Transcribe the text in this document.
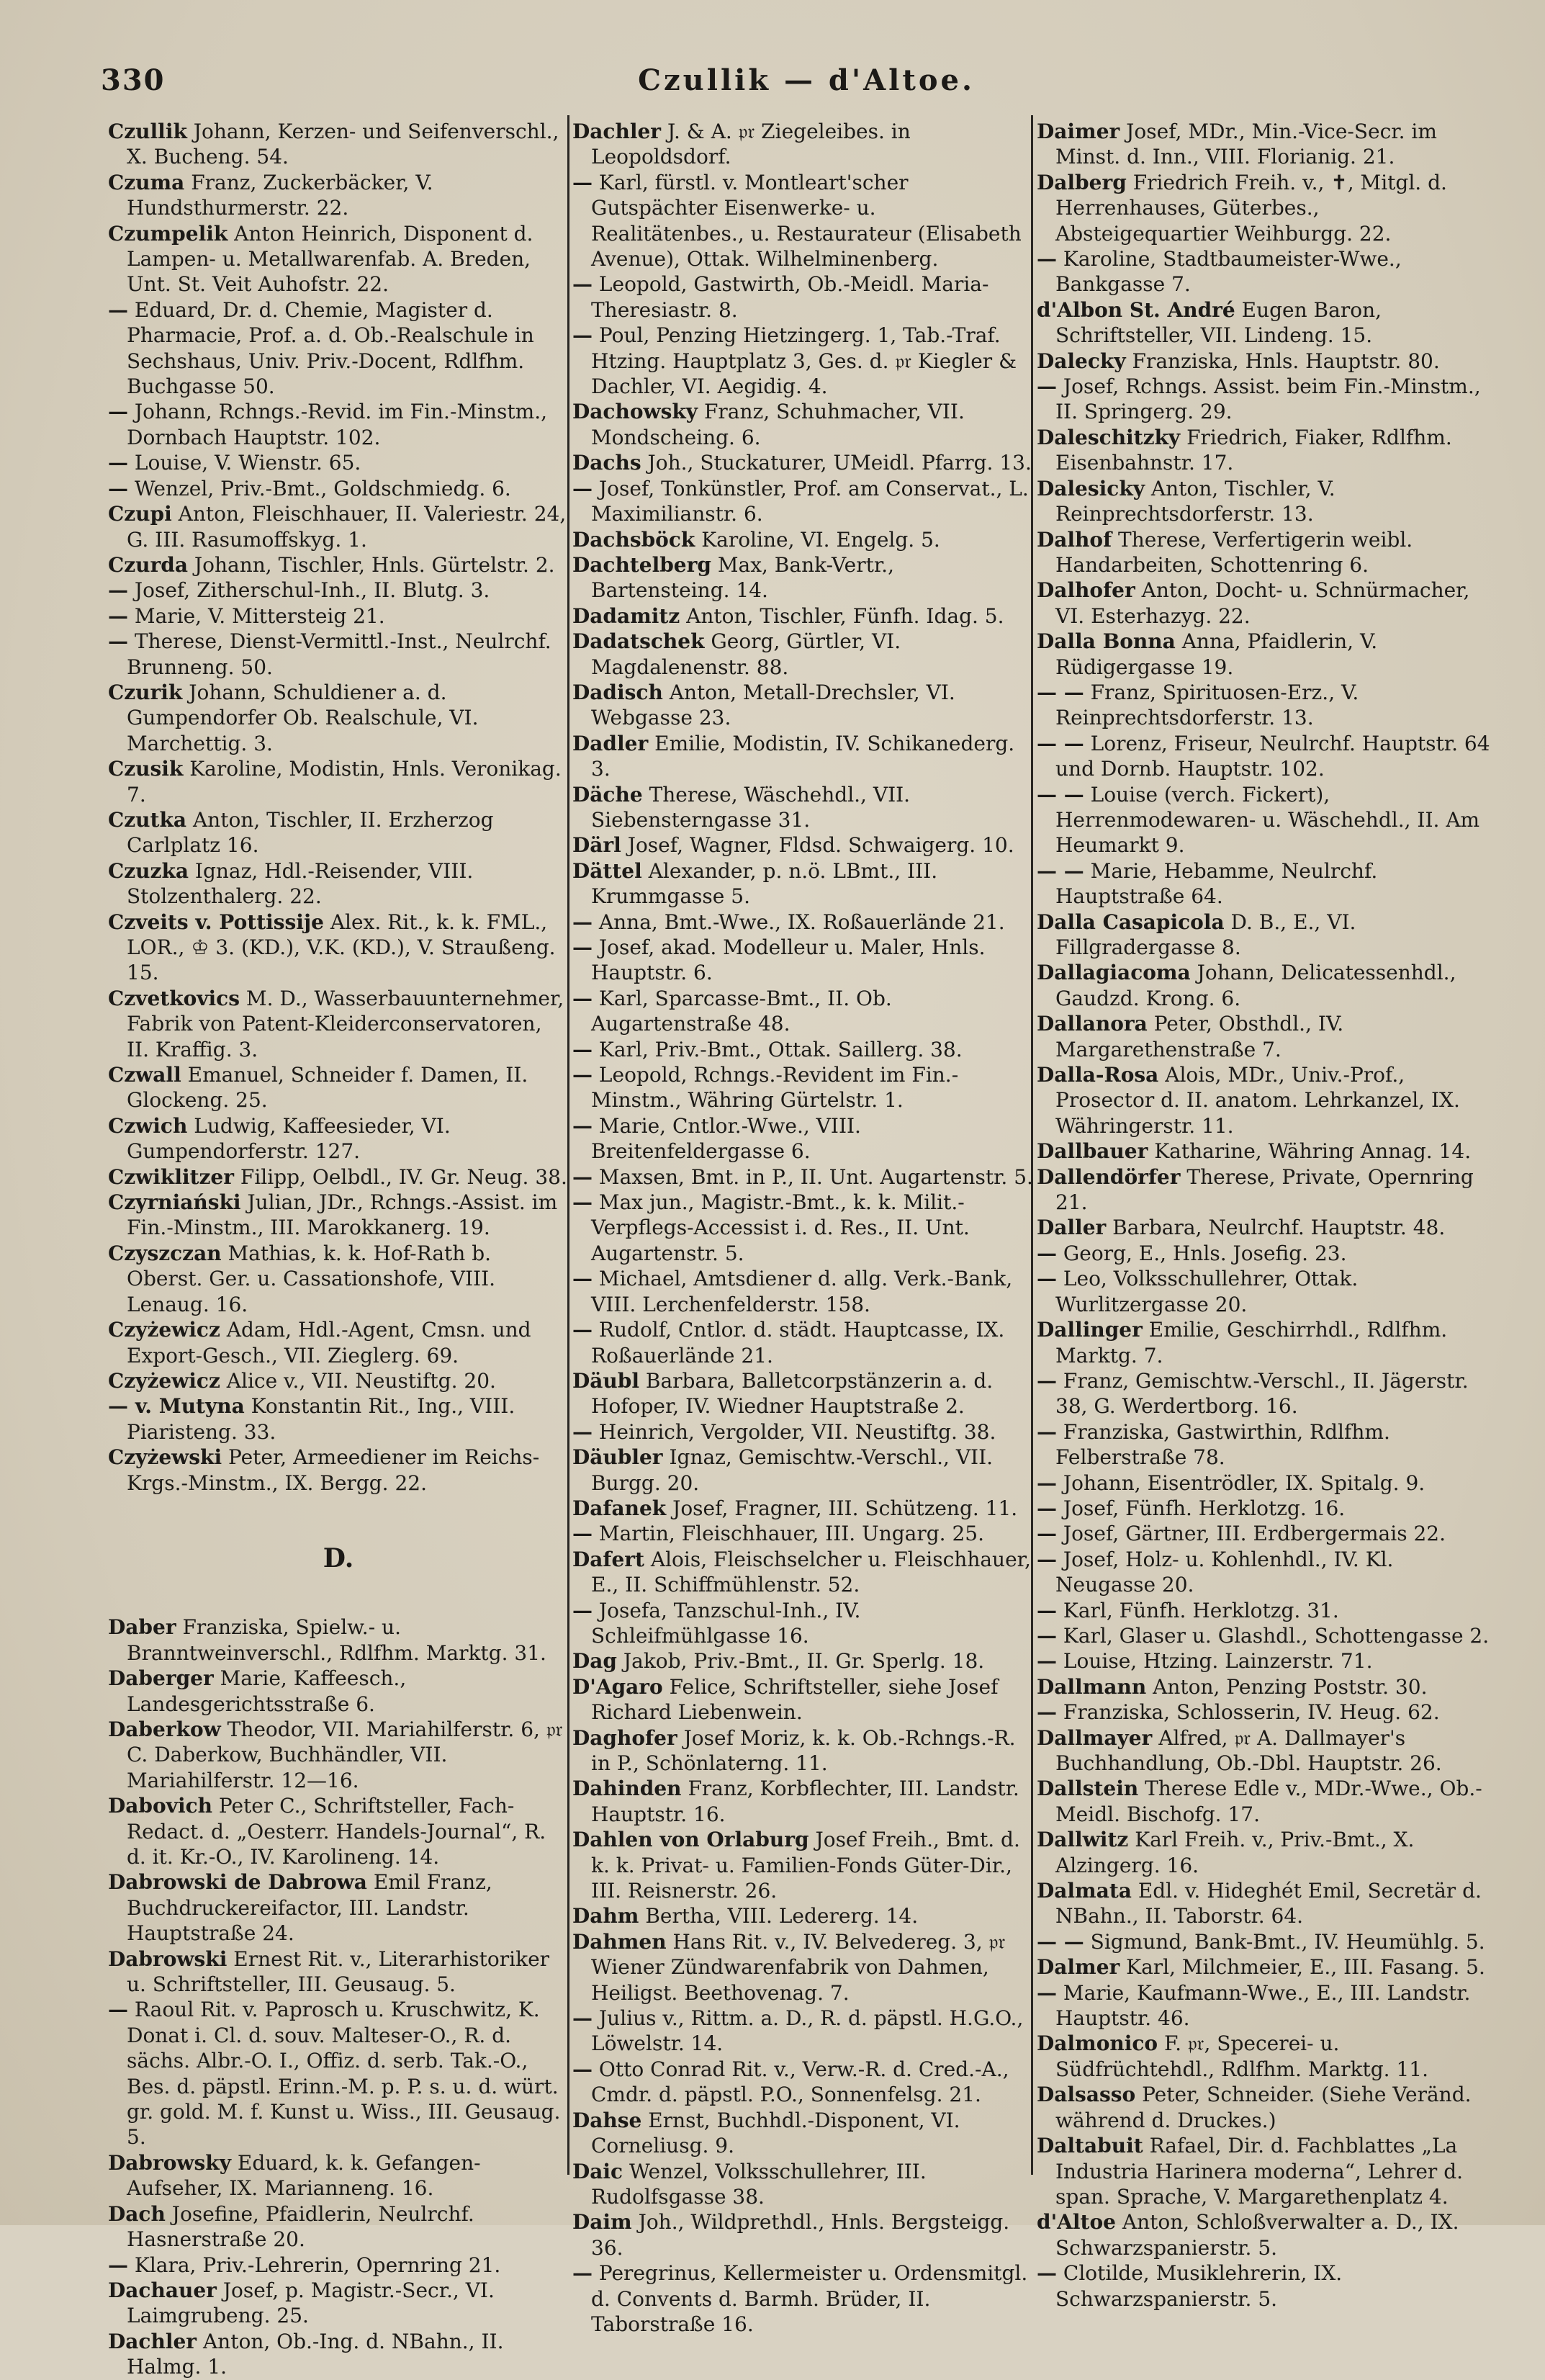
330	Czullik — d'Altoe.

Czullik Johann, Kerzen- und Seifenverschl., X. Bucheng. 54.

Czuma Franz, Zuckerbäcker, V. Hundsthurmerstr. 22.

Czumpelik Anton Heinrich, Disponent d. Lampen- u. Metallwarenfab. A. Breden, Unt. St. Veit Auhofstr. 22.

— Eduard, Dr. d. Chemie, Magister d. Pharmacie, Prof. a. d. Ob.-Realschule in Sechshaus, Univ. Priv.-Docent, Rdlfhm. Buchgasse 50.

— Johann, Rchngs.-Revid. im Fin.-Minstm., Dornbach Hauptstr. 102.

— Louise, V. Wienstr. 65.

— Wenzel, Priv.-Bmt., Goldschmiedg. 6.

Czupi Anton, Fleischhauer, II. Valeriestr. 24, G. III. Rasumoffskyg. 1.

Czurda Johann, Tischler, Hnls. Gürtelstr. 2.

— Josef, Zitherschul-Inh., II. Blutg. 3.

— Marie, V. Mittersteig 21.

— Therese, Dienst-Vermittl.-Inst., Neulrchf. Brunneng. 50.

Czurik Johann, Schuldiener a. d. Gumpendorfer Ob. Realschule, VI. Marchettig. 3.

Czusik Karoline, Modistin, Hnls. Veronikag. 7.

Czutka Anton, Tischler, II. Erzherzog Carlplatz 16.

Czuzka Ignaz, Hdl.-Reisender, VIII. Stolzenthalerg. 22.

Czveits v. Pottissije Alex. Rit., k. k. FML., LOR., ♔ 3. (KD.), V.K. (KD.), V. Straußeng. 15.

Czvetkovics M. D., Wasserbauunternehmer, Fabrik von Patent-Kleiderconservatoren, II. Kraffig. 3.

Czwall Emanuel, Schneider f. Damen, II. Glockeng. 25.

Czwich Ludwig, Kaffeesieder, VI. Gumpendorferstr. 127.

Czwiklitzer Filipp, Oelbdl., IV. Gr. Neug. 38.

Czyrniański Julian, JDr., Rchngs.-Assist. im Fin.-Minstm., III. Marokkanerg. 19.

Czyszczan Mathias, k. k. Hof-Rath b. Oberst. Ger. u. Cassationshofe, VIII. Lenaug. 16.

Czyżewicz Adam, Hdl.-Agent, Cmsn. und Export-Gesch., VII. Zieglerg. 69.

Czyżewicz Alice v., VII. Neustiftg. 20.

— v. Mutyna Konstantin Rit., Ing., VIII. Piaristeng. 33.

Czyżewski Peter, Armeediener im Reichs-Krgs.-Minstm., IX. Bergg. 22.

D.

Daber Franziska, Spielw.- u. Branntweinverschl., Rdlfhm. Marktg. 31.

Daberger Marie, Kaffeesch., Landesgerichtsstraße 6.

Daberkow Theodor, VII. Mariahilferstr. 6, 𝔭𝔯 C. Daberkow, Buchhändler, VII. Mariahilferstr. 12—16.

Dabovich Peter C., Schriftsteller, Fach-Redact. d. „Oesterr. Handels-Journal“, R. d. it. Kr.-O., IV. Karolineng. 14.

Dabrowski de Dabrowa Emil Franz, Buchdruckereifactor, III. Landstr. Hauptstraße 24.

Dabrowski Ernest Rit. v., Literarhistoriker u. Schriftsteller, III. Geusaug. 5.

— Raoul Rit. v. Paprosch u. Kruschwitz, K. Donat i. Cl. d. souv. Malteser-O., R. d. sächs. Albr.-O. I., Offiz. d. serb. Tak.-O., Bes. d. päpstl. Erinn.-M. p. P. s. u. d. würt. gr. gold. M. f. Kunst u. Wiss., III. Geusaug. 5.

Dabrowsky Eduard, k. k. Gefangen-Aufseher, IX. Marianneng. 16.

Dach Josefine, Pfaidlerin, Neulrchf. Hasnerstraße 20.

— Klara, Priv.-Lehrerin, Opernring 21.

Dachauer Josef, p. Magistr.-Secr., VI. Laimgrubeng. 25.

Dachler Anton, Ob.-Ing. d. NBahn., II. Halmg. 1.

Dachler J. & A. 𝔭𝔯 Ziegeleibes. in Leopoldsdorf.

— Karl, fürstl. v. Montleart'scher Gutspächter Eisenwerke- u. Realitätenbes., u. Restaurateur (Elisabeth Avenue), Ottak. Wilhelminenberg.

— Leopold, Gastwirth, Ob.-Meidl. Maria-Theresiastr. 8.

— Poul, Penzing Hietzingerg. 1, Tab.-Traf. Htzing. Hauptplatz 3, Ges. d. 𝔭𝔯 Kiegler & Dachler, VI. Aegidig. 4.

Dachowsky Franz, Schuhmacher, VII. Mondscheing. 6.

Dachs Joh., Stuckaturer, UMeidl. Pfarrg. 13.

— Josef, Tonkünstler, Prof. am Conservat., L. Maximilianstr. 6.

Dachsböck Karoline, VI. Engelg. 5.

Dachtelberg Max, Bank-Vertr., Bartensteing. 14.

Dadamitz Anton, Tischler, Fünfh. Idag. 5.

Dadatschek Georg, Gürtler, VI. Magdalenenstr. 88.

Dadisch Anton, Metall-Drechsler, VI. Webgasse 23.

Dadler Emilie, Modistin, IV. Schikanederg. 3.

Däche Therese, Wäschehdl., VII. Siebensterngasse 31.

Därl Josef, Wagner, Fldsd. Schwaigerg. 10.

Dättel Alexander, p. n.ö. LBmt., III. Krummgasse 5.

— Anna, Bmt.-Wwe., IX. Roßauerlände 21.

— Josef, akad. Modelleur u. Maler, Hnls. Hauptstr. 6.

— Karl, Sparcasse-Bmt., II. Ob. Augartenstraße 48.

— Karl, Priv.-Bmt., Ottak. Saillerg. 38.

— Leopold, Rchngs.-Revident im Fin.-Minstm., Währing Gürtelstr. 1.

— Marie, Cntlor.-Wwe., VIII. Breitenfeldergasse 6.

— Maxsen, Bmt. in P., II. Unt. Augartenstr. 5.

— Max jun., Magistr.-Bmt., k. k. Milit.-Verpflegs-Accessist i. d. Res., II. Unt. Augartenstr. 5.

— Michael, Amtsdiener d. allg. Verk.-Bank, VIII. Lerchenfelderstr. 158.

— Rudolf, Cntlor. d. städt. Hauptcasse, IX. Roßauerlände 21.

Däubl Barbara, Balletcorpstänzerin a. d. Hofoper, IV. Wiedner Hauptstraße 2.

— Heinrich, Vergolder, VII. Neustiftg. 38.

Däubler Ignaz, Gemischtw.-Verschl., VII. Burgg. 20.

Dafanek Josef, Fragner, III. Schützeng. 11.

— Martin, Fleischhauer, III. Ungarg. 25.

Dafert Alois, Fleischselcher u. Fleischhauer, E., II. Schiffmühlenstr. 52.

— Josefa, Tanzschul-Inh., IV. Schleifmühlgasse 16.

Dag Jakob, Priv.-Bmt., II. Gr. Sperlg. 18.

D'Agaro Felice, Schriftsteller, siehe Josef Richard Liebenwein.

Daghofer Josef Moriz, k. k. Ob.-Rchngs.-R. in P., Schönlaterng. 11.

Dahinden Franz, Korbflechter, III. Landstr. Hauptstr. 16.

Dahlen von Orlaburg Josef Freih., Bmt. d. k. k. Privat- u. Familien-Fonds Güter-Dir., III. Reisnerstr. 26.

Dahm Bertha, VIII. Ledererg. 14.

Dahmen Hans Rit. v., IV. Belvedereg. 3, 𝔭𝔯 Wiener Zündwarenfabrik von Dahmen, Heiligst. Beethovenag. 7.

— Julius v., Rittm. a. D., R. d. päpstl. H.G.O., Löwelstr. 14.

— Otto Conrad Rit. v., Verw.-R. d. Cred.-A., Cmdr. d. päpstl. P.O., Sonnenfelsg. 21.

Dahse Ernst, Buchhdl.-Disponent, VI. Corneliusg. 9.

Daic Wenzel, Volksschullehrer, III. Rudolfsgasse 38.

Daim Joh., Wildprethdl., Hnls. Bergsteigg. 36.

— Peregrinus, Kellermeister u. Ordensmitgl. d. Convents d. Barmh. Brüder, II. Taborstraße 16.

Daimer Josef, MDr., Min.-Vice-Secr. im Minst. d. Inn., VIII. Florianig. 21.

Dalberg Friedrich Freih. v., ✝, Mitgl. d. Herrenhauses, Güterbes., Absteigequartier Weihburgg. 22.

— Karoline, Stadtbaumeister-Wwe., Bankgasse 7.

d'Albon St. André Eugen Baron, Schriftsteller, VII. Lindeng. 15.

Dalecky Franziska, Hnls. Hauptstr. 80.

— Josef, Rchngs. Assist. beim Fin.-Minstm., II. Springerg. 29.

Daleschitzky Friedrich, Fiaker, Rdlfhm. Eisenbahnstr. 17.

Dalesicky Anton, Tischler, V. Reinprechtsdorferstr. 13.

Dalhof Therese, Verfertigerin weibl. Handarbeiten, Schottenring 6.

Dalhofer Anton, Docht- u. Schnürmacher, VI. Esterhazyg. 22.

Dalla Bonna Anna, Pfaidlerin, V. Rüdigergasse 19.

— — Franz, Spirituosen-Erz., V. Reinprechtsdorferstr. 13.

— — Lorenz, Friseur, Neulrchf. Hauptstr. 64 und Dornb. Hauptstr. 102.

— — Louise (verch. Fickert), Herrenmodewaren- u. Wäschehdl., II. Am Heumarkt 9.

— — Marie, Hebamme, Neulrchf. Hauptstraße 64.

Dalla Casapicola D. B., E., VI. Fillgradergasse 8.

Dallagiacoma Johann, Delicatessenhdl., Gaudzd. Krong. 6.

Dallanora Peter, Obsthdl., IV. Margarethenstraße 7.

Dalla-Rosa Alois, MDr., Univ.-Prof., Prosector d. II. anatom. Lehrkanzel, IX. Währingerstr. 11.

Dallbauer Katharine, Währing Annag. 14.

Dallendörfer Therese, Private, Opernring 21.

Daller Barbara, Neulrchf. Hauptstr. 48.

— Georg, E., Hnls. Josefig. 23.

— Leo, Volksschullehrer, Ottak. Wurlitzergasse 20.

Dallinger Emilie, Geschirrhdl., Rdlfhm. Marktg. 7.

— Franz, Gemischtw.-Verschl., II. Jägerstr. 38, G. Werdertborg. 16.

— Franziska, Gastwirthin, Rdlfhm. Felberstraße 78.

— Johann, Eisentrödler, IX. Spitalg. 9.

— Josef, Fünfh. Herklotzg. 16.

— Josef, Gärtner, III. Erdbergermais 22.

— Josef, Holz- u. Kohlenhdl., IV. Kl. Neugasse 20.

— Karl, Fünfh. Herklotzg. 31.

— Karl, Glaser u. Glashdl., Schottengasse 2.

— Louise, Htzing. Lainzerstr. 71.

Dallmann Anton, Penzing Poststr. 30.

— Franziska, Schlosserin, IV. Heug. 62.

Dallmayer Alfred, 𝔭𝔯 A. Dallmayer's Buchhandlung, Ob.-Dbl. Hauptstr. 26.

Dallstein Therese Edle v., MDr.-Wwe., Ob.-Meidl. Bischofg. 17.

Dallwitz Karl Freih. v., Priv.-Bmt., X. Alzingerg. 16.

Dalmata Edl. v. Hideghét Emil, Secretär d. NBahn., II. Taborstr. 64.

— — Sigmund, Bank-Bmt., IV. Heumühlg. 5.

Dalmer Karl, Milchmeier, E., III. Fasang. 5.

— Marie, Kaufmann-Wwe., E., III. Landstr. Hauptstr. 46.

Dalmonico F. 𝔭𝔯, Specerei- u. Südfrüchtehdl., Rdlfhm. Marktg. 11.

Dalsasso Peter, Schneider. (Siehe Veränd. während d. Druckes.)

Daltabuit Rafael, Dir. d. Fachblattes „La Industria Harinera moderna“, Lehrer d. span. Sprache, V. Margarethenplatz 4.

d'Altoe Anton, Schloßverwalter a. D., IX. Schwarzspanierstr. 5.

— Clotilde, Musiklehrerin, IX. Schwarzspanierstr. 5.
